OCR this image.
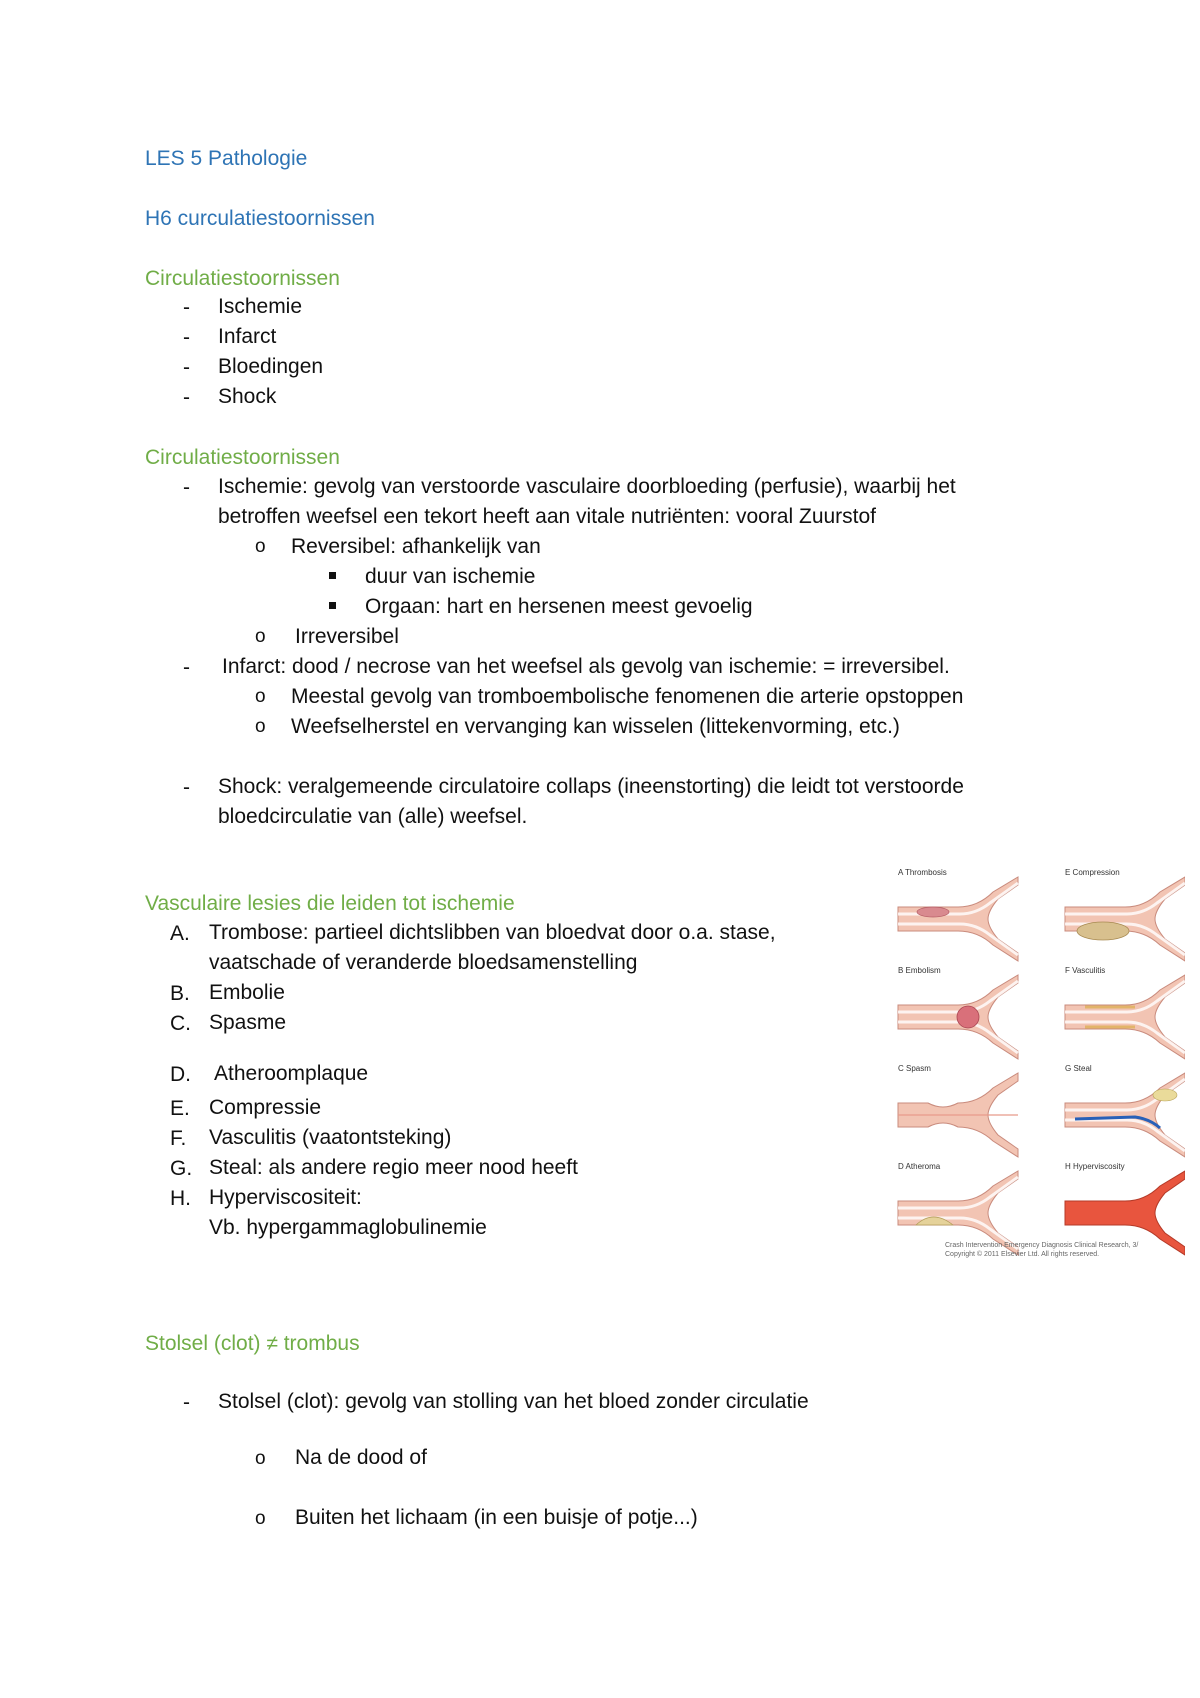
LES 5 Pathologie
H6 curculatiestoornissen
Circulatiestoornissen
- Ischemie
- Infarct
- Bloedingen
- Shock
Circulatiestoornissen
- Ischemie: gevolg van verstoorde vasculaire doorbloeding (perfusie), waarbij het
betroffen weefsel een tekort heeft aan vitale nutriënten: vooral Zuurstof
o Reversibel: afhankelijk van
duur van ischemie
Orgaan: hart en hersenen meest gevoelig
o Irreversibel
- Infarct: dood / necrose van het weefsel als gevolg van ischemie: = irreversibel.
o Meestal gevolg van tromboembolische fenomenen die arterie opstoppen
o Weefselherstel en vervanging kan wisselen (littekenvorming, etc.)
- Shock: veralgemeende circulatoire collaps (ineenstorting) die leidt tot verstoorde
bloedcirculatie van (alle) weefsel.
Vasculaire lesies die leiden tot ischemie
A. Trombose: partieel dichtslibben van bloedvat door o.a. stase,
vaatschade of veranderde bloedsamenstelling
B. Embolie
C. Spasme
D. Atheroomplaque
E. Compressie
F. Vasculitis (vaatontsteking)
G. Steal: als andere regio meer nood heeft
H. Hyperviscositeit:
Vb. hypergammaglobulinemie
A Thrombosis	E Compression
B Embolism	F Vasculitis
C Spasm	G Steal
D Atheroma	H Hyperviscosity
Crash Intervention Emergency Diagnosis Clinical Research, 3/
Copyright © 2011 Elsevier Ltd. All rights reserved.
Stolsel (clot) ≠ trombus
- Stolsel (clot): gevolg van stolling van het bloed zonder circulatie
o Na de dood of
o Buiten het lichaam (in een buisje of potje...)
